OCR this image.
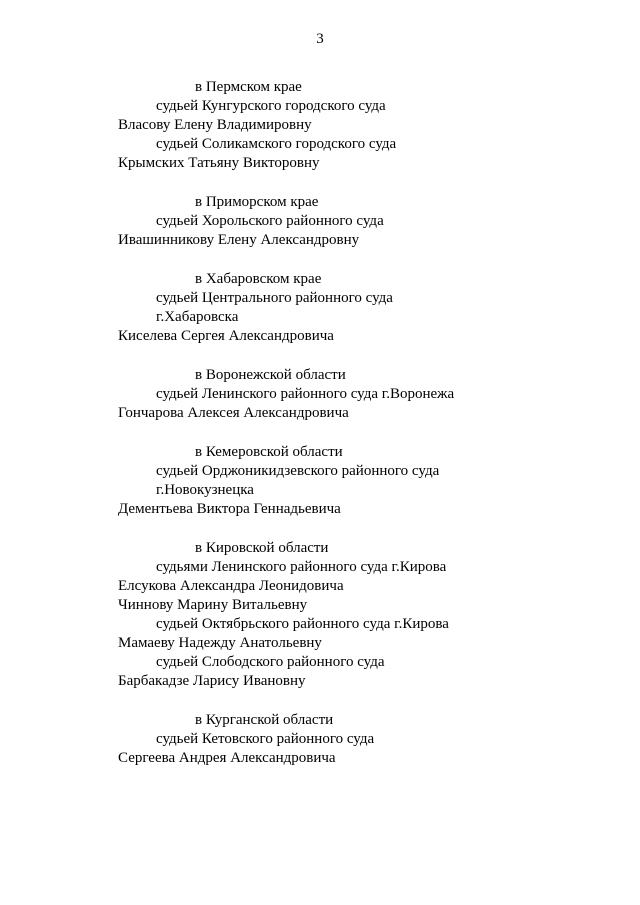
3
в Пермском крае
судьей Кунгурского городского суда
Власову Елену Владимировну
судьей Соликамского городского суда
Крымских Татьяну Викторовну
в Приморском крае
судьей Хорольского районного суда
Ивашинникову Елену Александровну
в Хабаровском крае
судьей Центрального районного суда
г.Хабаровска
Киселева Сергея Александровича
в Воронежской области
судьей Ленинского районного суда г.Воронежа
Гончарова Алексея Александровича
в Кемеровской области
судьей Орджоникидзевского районного суда
г.Новокузнецка
Дементьева Виктора Геннадьевича
в Кировской области
судьями Ленинского районного суда г.Кирова
Елсукова Александра Леонидовича
Чиннову Марину Витальевну
судьей Октябрьского районного суда г.Кирова
Мамаеву Надежду Анатольевну
судьей Слободского районного суда
Барбакадзе Ларису Ивановну
в Курганской области
судьей Кетовского районного суда
Сергеева Андрея Александровича
